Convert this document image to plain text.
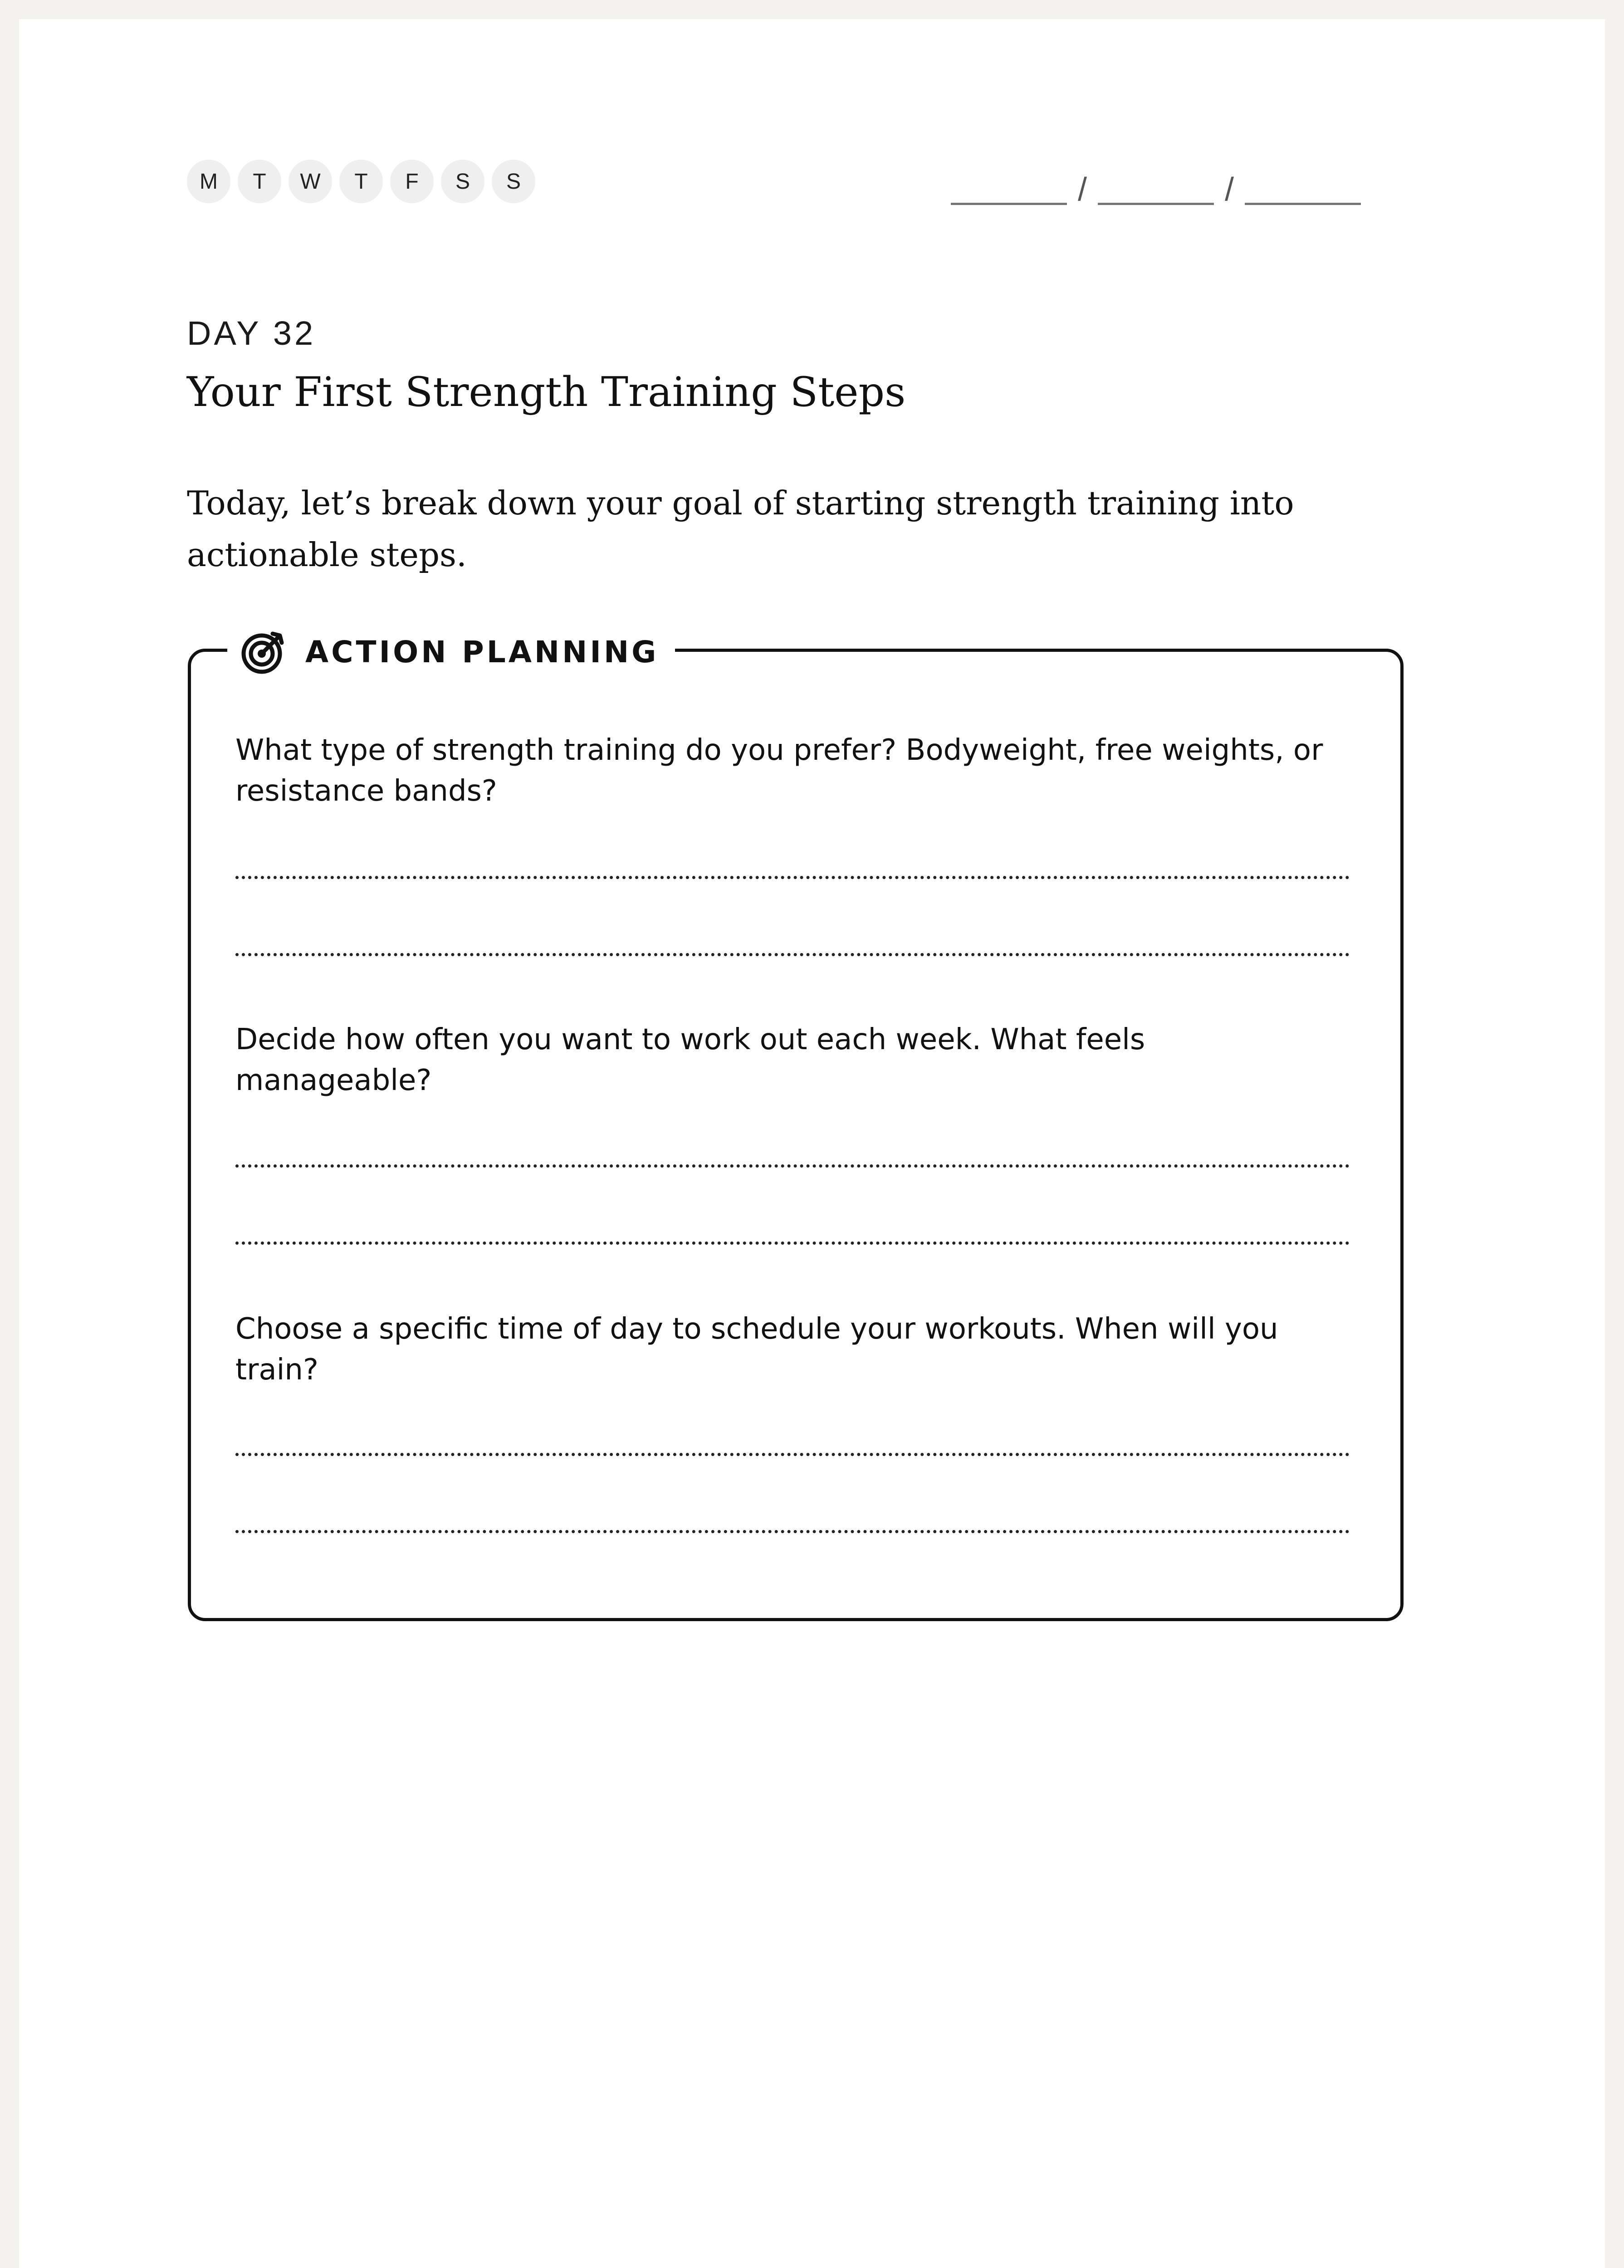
M	T	W	T	F	S	S	/	/
DAY 32
Your First Strength Training Steps

Today, let’s break down your goal of starting strength training into actionable steps.

ACTION PLANNING

What type of strength training do you prefer? Bodyweight, free weights, or resistance bands?

Decide how often you want to work out each week. What feels manageable?

Choose a specific time of day to schedule your workouts. When will you train?
